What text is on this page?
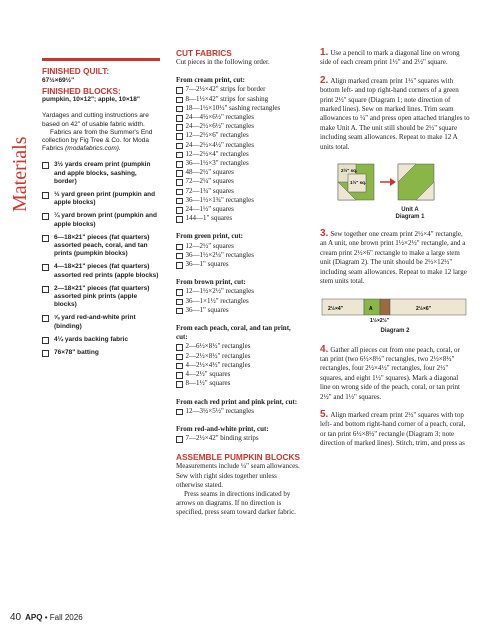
Materials
FINISHED QUILT:
67½×69½"
FINISHED BLOCKS:
pumpkin, 10×12"; apple, 10×18"
Yardages and cutting instructions are based on 42" of usable fabric width.
Fabrics are from the Summer's End collection by Fig Tree & Co. for Moda Fabrics (modafabrics.com).
3½ yards cream print (pumpkin and apple blocks, sashing, border)
⅓ yard green print (pumpkin and apple blocks)
¼ yard brown print (pumpkin and apple blocks)
6—18×21" pieces (fat quarters) assorted peach, coral, and tan prints (pumpkin blocks)
4—18×21" pieces (fat quarters) assorted red prints (apple blocks)
2—18×21" pieces (fat quarters) assorted pink prints (apple blocks)
⅝ yard red-and-white print (binding)
4¼ yards backing fabric
76×78" batting
CUT FABRICS

Cut pieces in the following order.

From cream print, cut:

7—2½×42" strips for border
8—1½×42" strips for sashing
18—1½×10½" sashing rectangles
24—4½×6½" rectangles
24—2½×6½" rectangles
12—2½×6" rectangles
24—2½×4½" rectangles
12—2½×4" rectangles
36—1½×3" rectangles
48—2½" squares
72—2¼" squares
72—1¾" squares
36—1½×1¾" rectangles
24—1½" squares
144—1" squares

From green print, cut:

12—2½" squares
36—1½×2¼" rectangles
36—1" squares

From brown print, cut:

12—1½×2½" rectangles
36—1×1½" rectangles
36—1" squares

From each peach, coral, and tan print, cut:

2—6½×8½" rectangles
2—2½×8½" rectangles
4—2½×4½" rectangles
4—2½" squares
8—1½" squares

From each red print and pink print, cut:

12—3½×5½" rectangles

From red-and-white print, cut:

7—2½×42" binding strips
ASSEMBLE PUMPKIN BLOCKS

Measurements include ¼" seam allowances. Sew with right sides together unless otherwise stated.

Press seams in directions indicated by arrows on diagrams. If no direction is specified, press seam toward darker fabric.

1. Use a pencil to mark a diagonal line on wrong side of each cream print 1½" and 2½" square.

2. Align marked cream print 1½" squares with bottom left- and top right-hand corners of a green print 2½" square (Diagram 1; note direction of marked lines). Sew on marked lines. Trim seam allowances to ¼" and press open attached triangles to make Unit A. The unit still should be 2½" square including seam allowances. Repeat to make 12 A units total.

2½" sq.
1½" sq.
Unit A
Diagram 1

3. Sew together one cream print 2½×4" rectangle, an A unit, one brown print 1½×2½" rectangle, and a cream print 2½×6" rectangle to make a large stem unit (Diagram 2). The unit should be 2½×12½" including seam allowances. Repeat to make 12 large stem units total.

2½×4"	A	2½×6"
1½×2½"
Diagram 2

4. Gather all pieces cut from one peach, coral, or tan print (two 6½×8½" rectangles, two 2½×8½" rectangles, four 2½×4½" rectangles, four 2½" squares, and eight 1½" squares). Mark a diagonal line on wrong side of the peach, coral, or tan print 2½" and 1½" squares.

5. Align marked cream print 2½" squares with top left- and bottom right-hand corner of a peach, coral, or tan print 6½×8½" rectangle (Diagram 3; note direction of marked lines). Stitch, trim, and press as

40 APQ • Fall 2026
